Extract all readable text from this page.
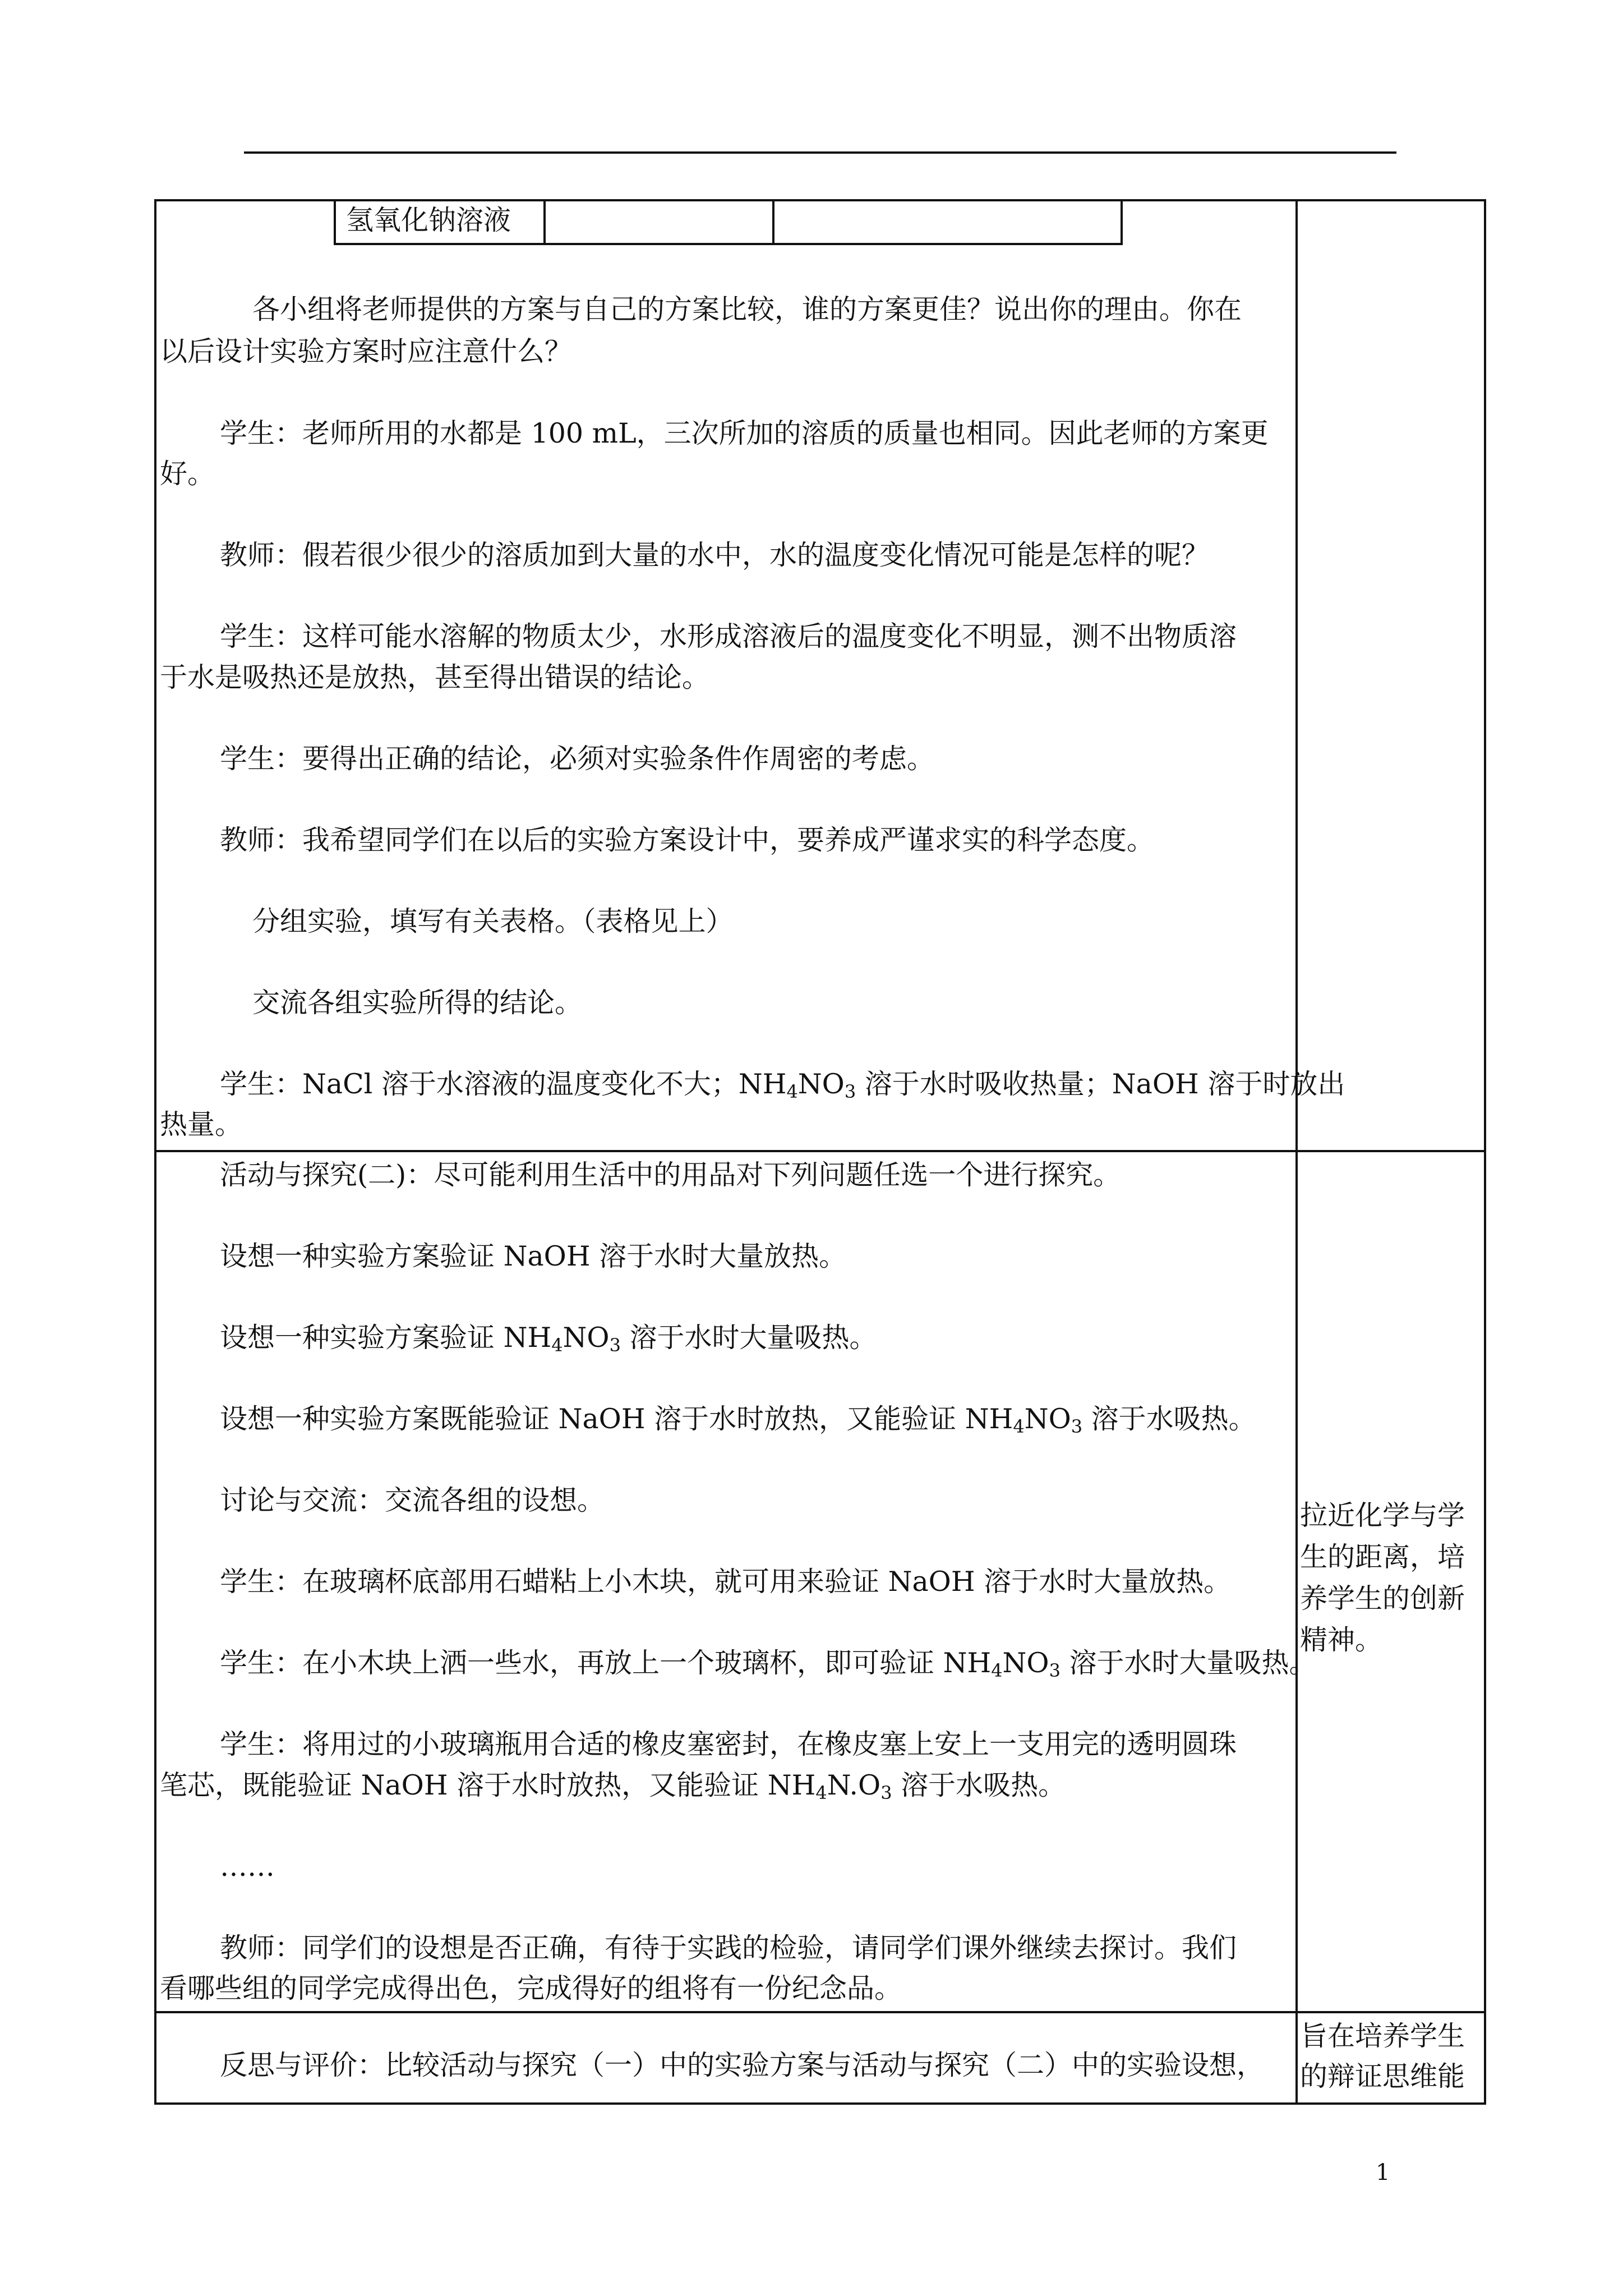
氢氧化钠溶液
各小组将老师提供的方案与自己的方案比较，谁的方案更佳？说出你的理由。你在
以后设计实验方案时应注意什么？
学生：老师所用的水都是 100 mL，三次所加的溶质的质量也相同。因此老师的方案更
好。
教师：假若很少很少的溶质加到大量的水中，水的温度变化情况可能是怎样的呢？
学生：这样可能水溶解的物质太少，水形成溶液后的温度变化不明显，测不出物质溶
于水是吸热还是放热，甚至得出错误的结论。
学生：要得出正确的结论，必须对实验条件作周密的考虑。
教师：我希望同学们在以后的实验方案设计中，要养成严谨求实的科学态度。
分组实验，填写有关表格。（表格见上）
交流各组实验所得的结论。
学生：NaCl 溶于水溶液的温度变化不大；$NH_4NO_3$ 溶于水时吸收热量；NaOH 溶于时放出
热量。
活动与探究(二)：尽可能利用生活中的用品对下列问题任选一个进行探究。
设想一种实验方案验证 NaOH 溶于水时大量放热。
设想一种实验方案验证 $NH_4NO_3$ 溶于水时大量吸热。
设想一种实验方案既能验证 NaOH 溶于水时放热，又能验证 $NH_4NO_3$ 溶于水吸热。
讨论与交流：交流各组的设想。
学生：在玻璃杯底部用石蜡粘上小木块，就可用来验证 NaOH 溶于水时大量放热。
学生：在小木块上洒一些水，再放上一个玻璃杯，即可验证 $NH_4NO_3$ 溶于水时大量吸热。
学生：将用过的小玻璃瓶用合适的橡皮塞密封，在橡皮塞上安上一支用完的透明圆珠
笔芯，既能验证 NaOH 溶于水时放热，又能验证 $NH_4N.O_3$ 溶于水吸热。
……
教师：同学们的设想是否正确，有待于实践的检验，请同学们课外继续去探讨。我们
看哪些组的同学完成得出色，完成得好的组将有一份纪念品。
拉近化学与学
生的距离，培
养学生的创新
精神。
反思与评价：比较活动与探究（一）中的实验方案与活动与探究（二）中的实验设想，
旨在培养学生
的辩证思维能
1
